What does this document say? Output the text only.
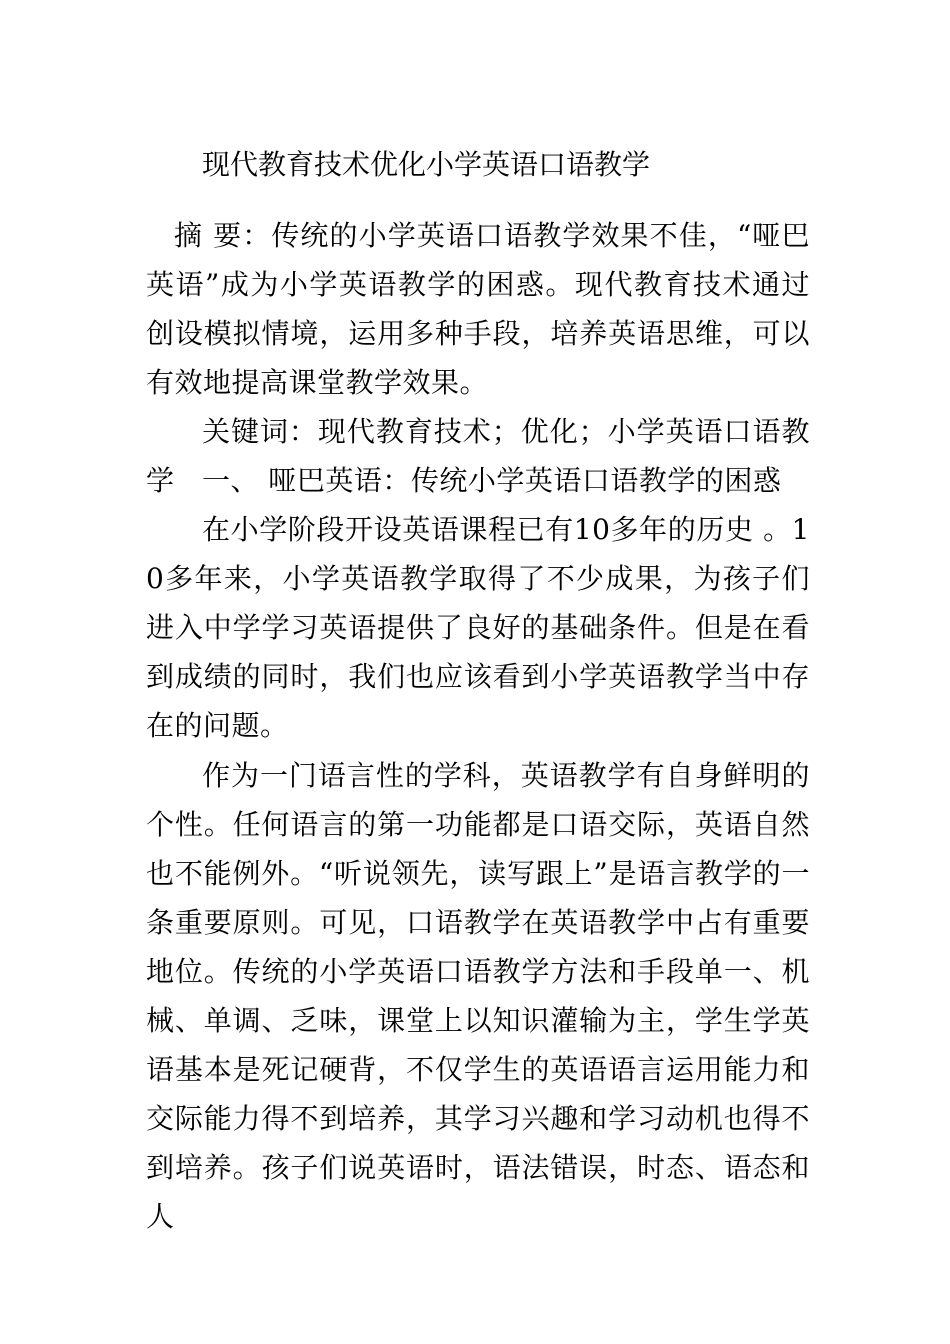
现代教育技术优化小学英语口语教学

摘 要：传统的小学英语口语教学效果不佳，“哑巴英语”成为小学英语教学的困惑。现代教育技术通过创设模拟情境，运用多种手段，培养英语思维，可以有效地提高课堂教学效果。

关键词：现代教育技术；优化；小学英语口语教学 一、 哑巴英语：传统小学英语口语教学的困惑

在小学阶段开设英语课程已有10多年的历史 。10多年来，小学英语教学取得了不少成果，为孩子们进入中学学习英语提供了良好的基础条件。但是在看到成绩的同时，我们也应该看到小学英语教学当中存在的问题。

作为一门语言性的学科，英语教学有自身鲜明的个性。任何语言的第一功能都是口语交际，英语自然也不能例外。“听说领先，读写跟上”是语言教学的一条重要原则。可见，口语教学在英语教学中占有重要地位。传统的小学英语口语教学方法和手段单一、机械、单调、乏味，课堂上以知识灌输为主，学生学英语基本是死记硬背，不仅学生的英语语言运用能力和交际能力得不到培养，其学习兴趣和学习动机也得不到培养。孩子们说英语时，语法错误，时态、语态和人
